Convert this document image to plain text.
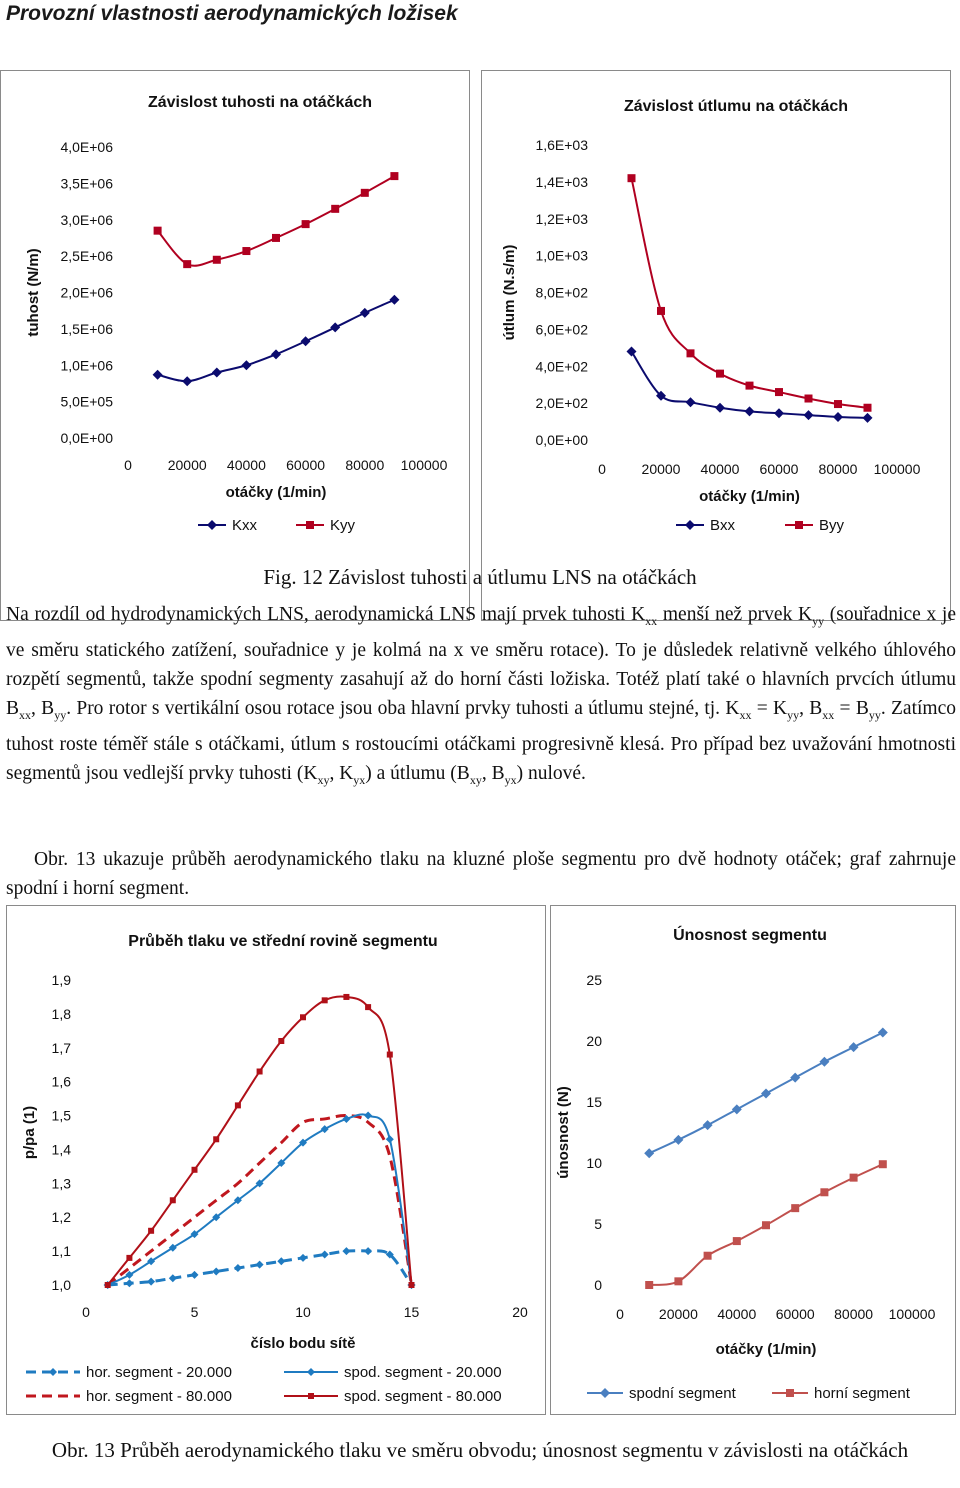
Provozní vlastnosti aerodynamických ložisek
Závislost tuhosti na otáčkách
0,0E+00
5,0E+05
1,0E+06
1,5E+06
2,0E+06
2,5E+06
3,0E+06
3,5E+06
4,0E+06
0	20000 40000 60000 80000 100000
otáčky (1/min)
tuhost (N/m)
Kxx	Kyy
Závislost útlumu na otáčkách
0,0E+00
2,0E+02
4,0E+02
6,0E+02
8,0E+02
1,0E+03
1,2E+03
1,4E+03
1,6E+03
0	20000 40000 60000 80000 100000
otáčky (1/min)
útlum (N.s/m)
Bxx	Byy
Fig. 12 Závislost tuhosti a útlumu LNS na otáčkách

Na rozdíl od hydrodynamických LNS, aerodynamická LNS mají prvek tuhosti $K_{xx}$ menší než prvek $K_{yy}$ (souřadnice x je ve směru statického zatížení, souřadnice y je kolmá na x ve směru rotace). To je důsledek relativně velkého úhlového rozpětí segmentů, takže spodní segmenty zasahují až do horní části ložiska. Totéž platí také o hlavních prvcích útlumu $B_{xx}$, $B_{yy}$. Pro rotor s vertikální osou rotace jsou oba hlavní prvky tuhosti a útlumu stejné, tj. $K_{xx} = K_{yy}$, $B_{xx} = B_{yy}$. Zatímco tuhost roste téměř stále s otáčkami, útlum s rostoucími otáčkami progresivně klesá. Pro případ bez uvažování hmotnosti segmentů jsou vedlejší prvky tuhosti ($K_{xy}$, $K_{yx}$) a útlumu ($B_{xy}$, $B_{yx}$) nulové.

Obr. 13 ukazuje průběh aerodynamického tlaku na kluzné ploše segmentu pro dvě hodnoty otáček; graf zahrnuje spodní i horní segment.

Průběh tlaku ve střední rovině segmentu
1,0
1,1
1,2
1,3
1,4
1,5
1,6
1,7
1,8
1,9
0	5	10	15	20
číslo bodu sítě
p/pa (1)
hor. segment - 20.000
hor. segment - 80.000
spod. segment - 20.000
spod. segment - 80.000
Únosnost segmentu
0
5
10
15
20
25
0	20000 40000 60000 80000 100000
otáčky (1/min)
únosnost (N)
spodní segment	horní segment
Obr. 13 Průběh aerodynamického tlaku ve směru obvodu; únosnost segmentu v závislosti na otáčkách
